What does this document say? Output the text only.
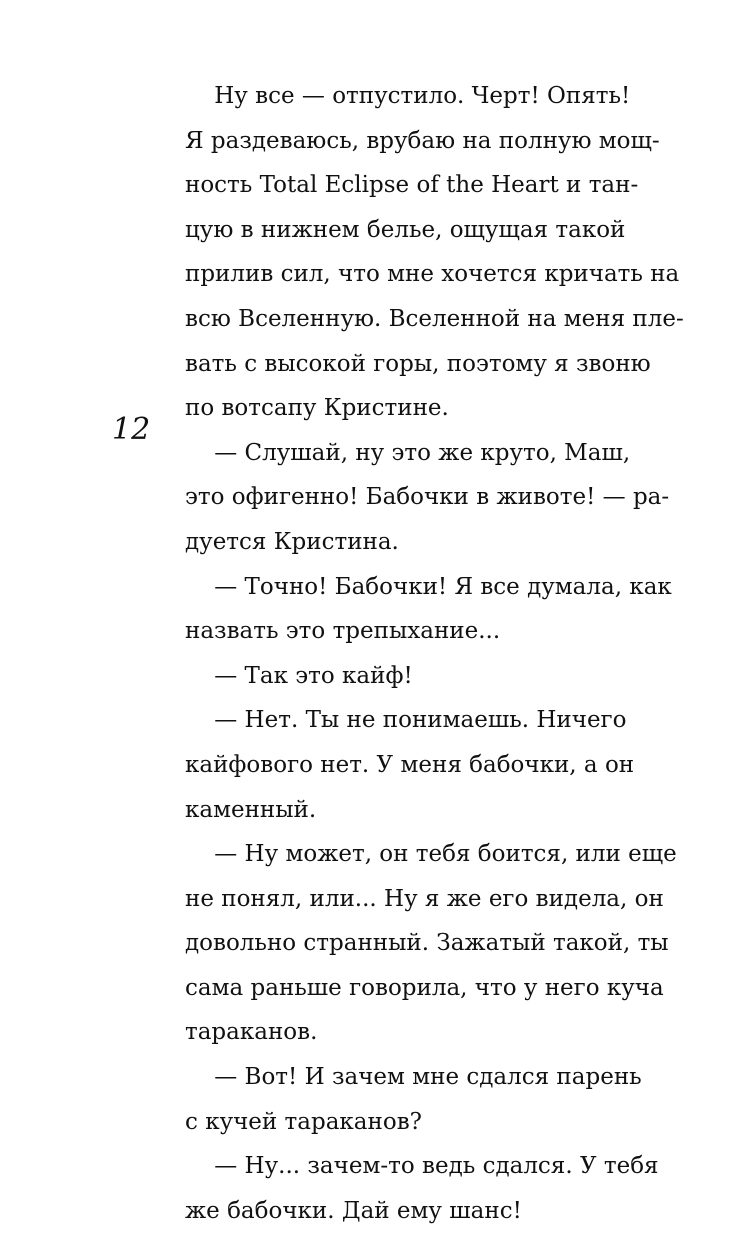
12
Ну все — отпустило. Черт! Опять!
Я раздеваюсь, врубаю на полную мощ-
ность Total Eclipse of the Heart и тан-
цую в нижнем белье, ощущая такой
прилив сил, что мне хочется кричать на
всю Вселенную. Вселенной на меня пле-
вать с высокой горы, поэтому я звоню
по вотсапу Кристине.
— Слушай, ну это же круто, Маш,
это офигенно! Бабочки в животе! — ра-
дуется Кристина.
— Точно! Бабочки! Я все думала, как
назвать это трепыхание...
— Так это кайф!
— Нет. Ты не понимаешь. Ничего
кайфового нет. У меня бабочки, а он
каменный.
— Ну может, он тебя боится, или еще
не понял, или... Ну я же его видела, он
довольно странный. Зажатый такой, ты
сама раньше говорила, что у него куча
тараканов.
— Вот! И зачем мне сдался парень
с кучей тараканов?
— Ну... зачем-то ведь сдался. У тебя
же бабочки. Дай ему шанс!
